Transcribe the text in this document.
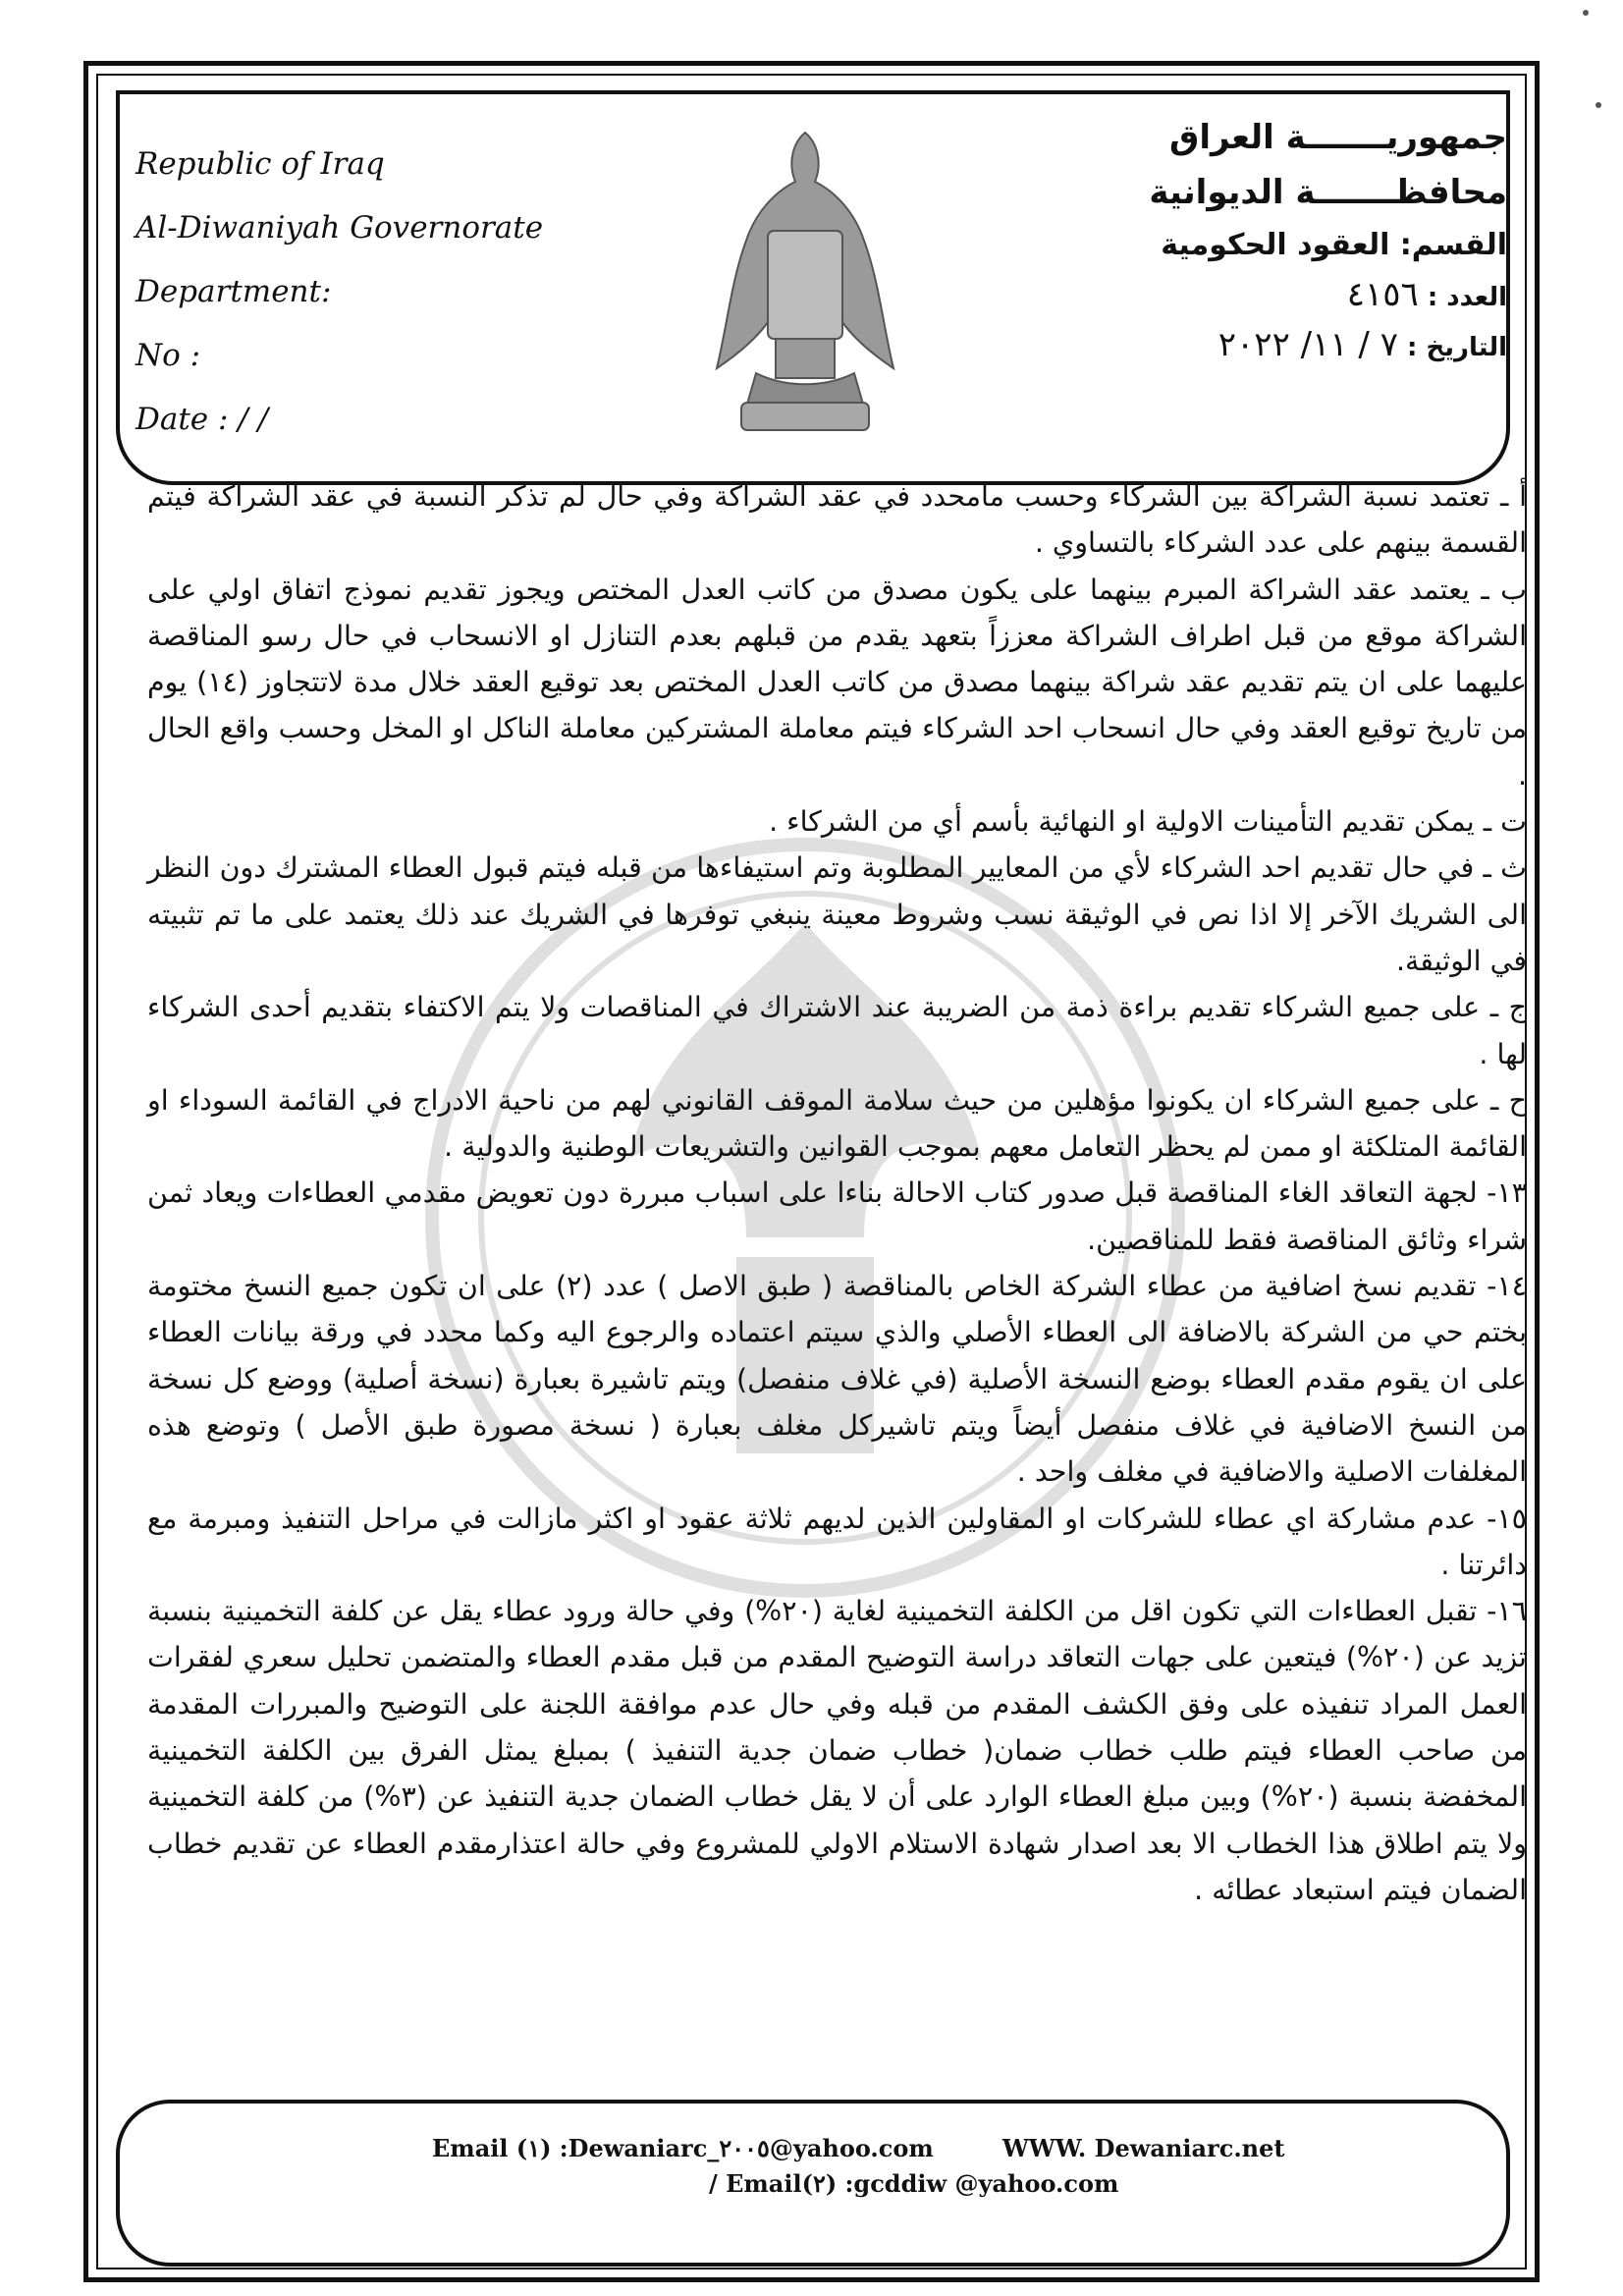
Republic of Iraq
Al-Diwaniyah Governorate
Department:
No :
Date : / /
جمهوريـــــــة العراق
محافظـــــــة الديوانية
القسم: العقود الحكومية
العدد : ٤١٥٦
التاريخ : ٧ / ١١/ ٢٠٢٢

أ ـ تعتمد نسبة الشراكة بين الشركاء وحسب مامحدد في عقد الشراكة وفي حال لم تذكر النسبة في عقد الشراكة فيتم القسمة بينهم على عدد الشركاء بالتساوي .

ب ـ يعتمد عقد الشراكة المبرم بينهما على يكون مصدق من كاتب العدل المختص ويجوز تقديم نموذج اتفاق اولي على الشراكة موقع من قبل اطراف الشراكة معززاً بتعهد يقدم من قبلهم بعدم التنازل او الانسحاب في حال رسو المناقصة عليهما على ان يتم تقديم عقد شراكة بينهما مصدق من كاتب العدل المختص بعد توقيع العقد خلال مدة لاتتجاوز (١٤) يوم من تاريخ توقيع العقد وفي حال انسحاب احد الشركاء فيتم معاملة المشتركين معاملة الناكل او المخل وحسب واقع الحال .

ت ـ يمكن تقديم التأمينات الاولية او النهائية بأسم أي من الشركاء .

ث ـ في حال تقديم احد الشركاء لأي من المعايير المطلوبة وتم استيفاءها من قبله فيتم قبول العطاء المشترك دون النظر الى الشريك الآخر إلا اذا نص في الوثيقة نسب وشروط معينة ينبغي توفرها في الشريك عند ذلك يعتمد على ما تم تثبيته في الوثيقة.

ج ـ على جميع الشركاء تقديم براءة ذمة من الضريبة عند الاشتراك في المناقصات ولا يتم الاكتفاء بتقديم أحدى الشركاء لها .

ح ـ على جميع الشركاء ان يكونوا مؤهلين من حيث سلامة الموقف القانوني لهم من ناحية الادراج في القائمة السوداء او القائمة المتلكئة او ممن لم يحظر التعامل معهم بموجب القوانين والتشريعات الوطنية والدولية .

١٣- لجهة التعاقد الغاء المناقصة قبل صدور كتاب الاحالة بناءا على اسباب مبررة دون تعويض مقدمي العطاءات ويعاد ثمن شراء وثائق المناقصة فقط للمناقصين.

١٤- تقديم نسخ اضافية من عطاء الشركة الخاص بالمناقصة ( طبق الاصل ) عدد (٢) على ان تكون جميع النسخ مختومة بختم حي من الشركة بالاضافة الى العطاء الأصلي والذي سيتم اعتماده والرجوع اليه وكما محدد في ورقة بيانات العطاء على ان يقوم مقدم العطاء بوضع النسخة الأصلية (في غلاف منفصل) ويتم تاشيرة بعبارة (نسخة أصلية) ووضع كل نسخة من النسخ الاضافية في غلاف منفصل أيضاً ويتم تاشيركل مغلف بعبارة ( نسخة مصورة طبق الأصل ) وتوضع هذه المغلفات الاصلية والاضافية في مغلف واحد .

١٥- عدم مشاركة اي عطاء للشركات او المقاولين الذين لديهم ثلاثة عقود او اكثر مازالت في مراحل التنفيذ ومبرمة مع دائرتنا .

١٦- تقبل العطاءات التي تكون اقل من الكلفة التخمينية لغاية (٢٠%) وفي حالة ورود عطاء يقل عن كلفة التخمينية بنسبة تزيد عن (٢٠%) فيتعين على جهات التعاقد دراسة التوضيح المقدم من قبل مقدم العطاء والمتضمن تحليل سعري لفقرات العمل المراد تنفيذه على وفق الكشف المقدم من قبله وفي حال عدم موافقة اللجنة على التوضيح والمبررات المقدمة من صاحب العطاء فيتم طلب خطاب ضمان( خطاب ضمان جدية التنفيذ ) بمبلغ يمثل الفرق بين الكلفة التخمينية المخفضة بنسبة (٢٠%) وبين مبلغ العطاء الوارد على أن لا يقل خطاب الضمان جدية التنفيذ عن (٣%) من كلفة التخمينية ولا يتم اطلاق هذا الخطاب الا بعد اصدار شهادة الاستلام الاولي للمشروع وفي حالة اعتذارمقدم العطاء عن تقديم خطاب الضمان فيتم استبعاد عطائه .

Email (١) :Dewaniarc_٢٠٠٥@yahoo.com	WWW. Dewaniarc.net
/ Email(٢) :gcddiw @yahoo.com
